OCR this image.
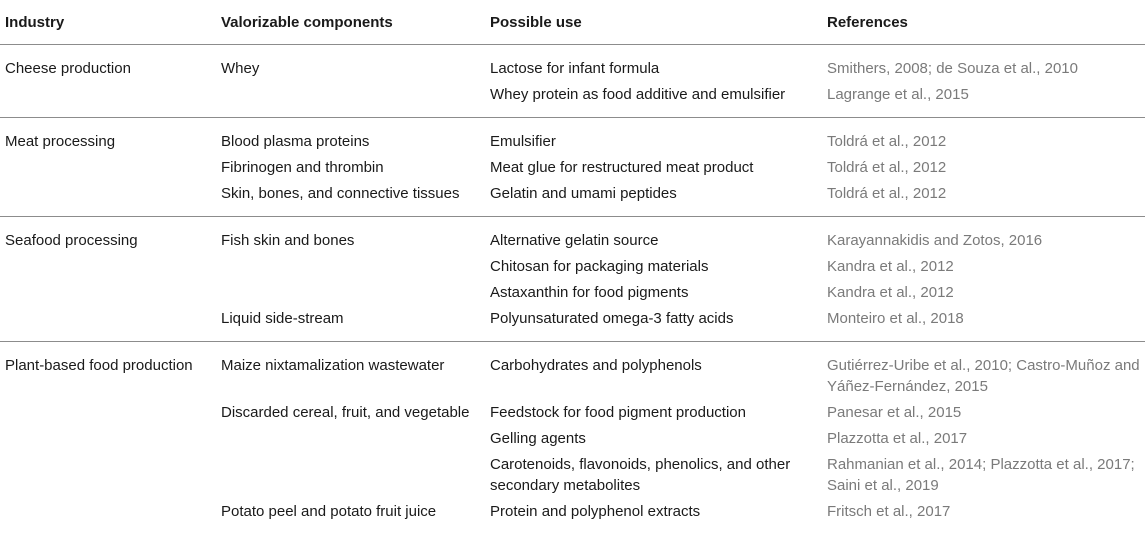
Industry	Valorizable components	Possible use	References
Cheese production	Whey	Lactose for infant formula	Smithers, 2008; de Souza et al., 2010
		Whey protein as food additive and emulsifier	Lagrange et al., 2015
Meat processing	Blood plasma proteins	Emulsifier	Toldrá et al., 2012
	Fibrinogen and thrombin	Meat glue for restructured meat product	Toldrá et al., 2012
	Skin, bones, and connective tissues	Gelatin and umami peptides	Toldrá et al., 2012
Seafood processing	Fish skin and bones	Alternative gelatin source	Karayannakidis and Zotos, 2016
		Chitosan for packaging materials	Kandra et al., 2012
		Astaxanthin for food pigments	Kandra et al., 2012
	Liquid side-stream	Polyunsaturated omega-3 fatty acids	Monteiro et al., 2018
Plant-based food production	Maize nixtamalization wastewater	Carbohydrates and polyphenols	Gutiérrez-Uribe et al., 2010; Castro-Muñoz and Yáñez-Fernández, 2015

	Discarded cereal, fruit, and vegetable	Feedstock for food pigment production	Panesar et al., 2015
		Gelling agents	Plazzotta et al., 2017

		Carotenoids, flavonoids, phenolics, and other secondary metabolites	Rahmanian et al., 2014; Plazzotta et al., 2017; Saini et al., 2019

	Potato peel and potato fruit juice	Protein and polyphenol extracts	Fritsch et al., 2017
